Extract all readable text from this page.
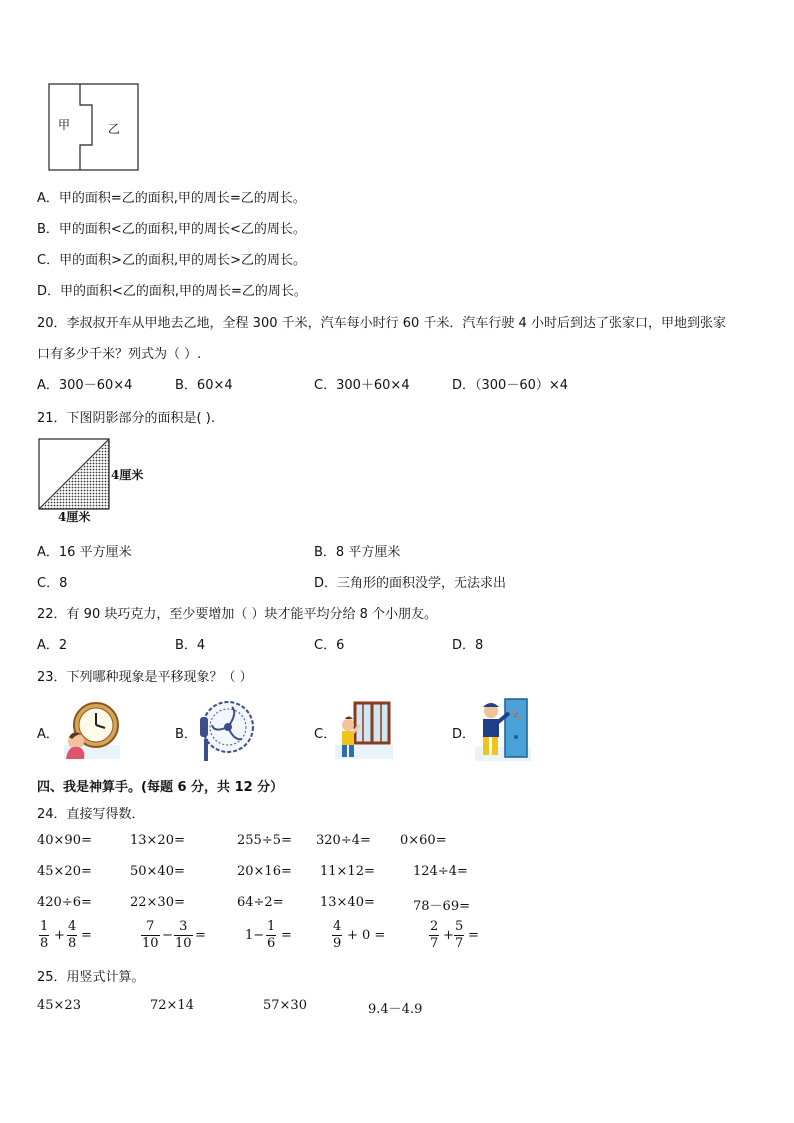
甲	乙
A．甲的面积=乙的面积,甲的周长=乙的周长。
B．甲的面积<乙的面积,甲的周长<乙的周长。
C．甲的面积>乙的面积,甲的周长>乙的周长。
D．甲的面积<乙的面积,甲的周长=乙的周长。
20．李叔叔开车从甲地去乙地，全程 300 千米，汽车每小时行 60 千米．汽车行驶 4 小时后到达了张家口，甲地到张家
口有多少千米？列式为（ ）.
A．300－60×4	B．60×4	C．300＋60×4	D．（300－60）×4
21．下图阴影部分的面积是( ).
4厘米
4厘米
A．16 平方厘米	B．8 平方厘米
C．8	D．三角形的面积没学，无法求出
22．有 90 块巧克力，至少要增加（ ）块才能平均分给 8 个小朋友。
A．2	B．4	C．6	D．8
23．下列哪种现象是平移现象？（ ）
A．	B．	C．	D．
四、我是神算手。(每题 6 分，共 12 分）
24．直接写得数．
40×90=	13×20=	255÷5= 320÷4= 0×60=
45×20=	50×40=	20×16= 11×12=	124÷4=
420÷6=	22×30=	64÷2=	13×40=	78－69=
$\frac{1}{8} + \frac{4}{8}$ =	$\frac{7}{10} - \frac{3}{10}$ =	$1- \frac{1}{6}$ =	$\frac{4}{9} + 0$ =	$\frac{2}{7} + \frac{5}{7}$ =
25．用竖式计算。
45×23	72×14	57×30	9.4－4.9
